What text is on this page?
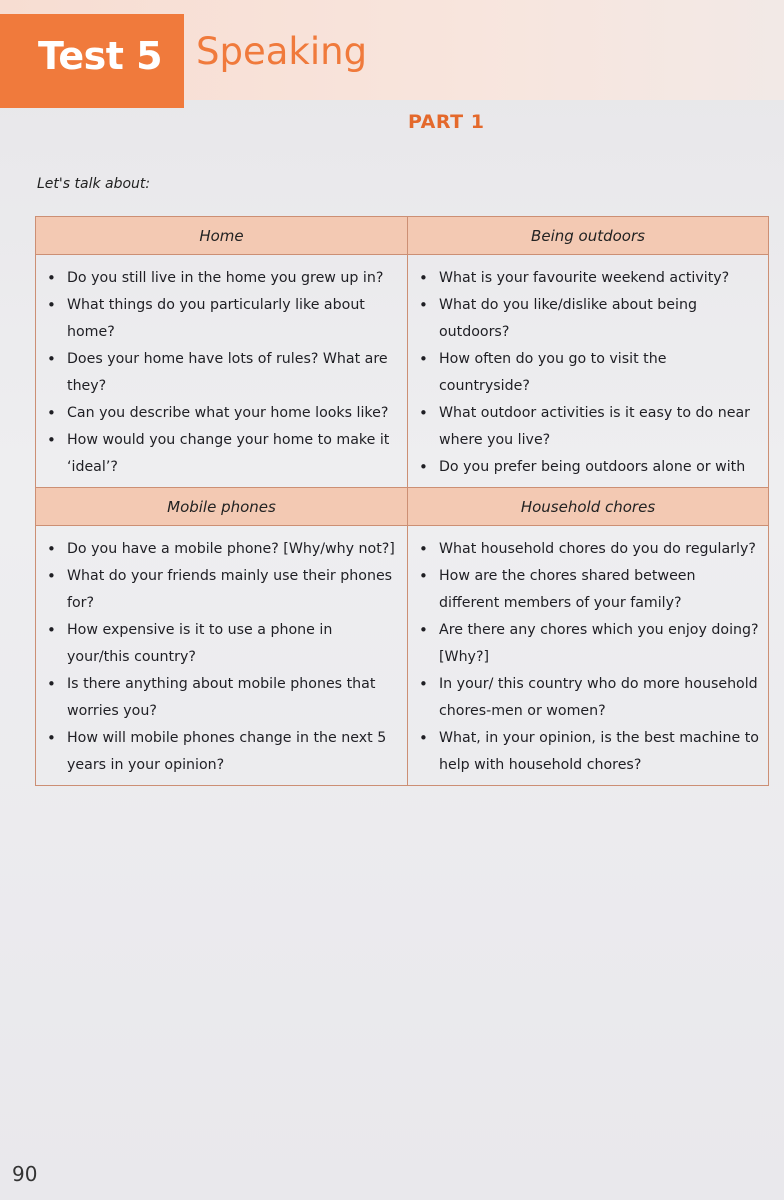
Test 5 Speaking
PART 1
Let's talk about:
Home	Being outdoors
• Do you still live in the home you grew up in?
• What things do you particularly like about home?
• Does your home have lots of rules? What are they?
• Can you describe what your home looks like?
• How would you change your home to make it ‘ideal’?
• What is your favourite weekend activity?
• What do you like/dislike about being outdoors?
• How often do you go to visit the countryside?
• What outdoor activities is it easy to do near where you live?
• Do you prefer being outdoors alone or with
Mobile phones	Household chores
• Do you have a mobile phone? [Why/why not?]
• What do your friends mainly use their phones for?
• How expensive is it to use a phone in your/this country?
• Is there anything about mobile phones that worries you?
• How will mobile phones change in the next 5 years in your opinion?
• What household chores do you do regularly?
• How are the chores shared between different members of your family?
• Are there any chores which you enjoy doing? [Why?]
• In your/ this country who do more household chores-men or women?
• What, in your opinion, is the best machine to help with household chores?
90
